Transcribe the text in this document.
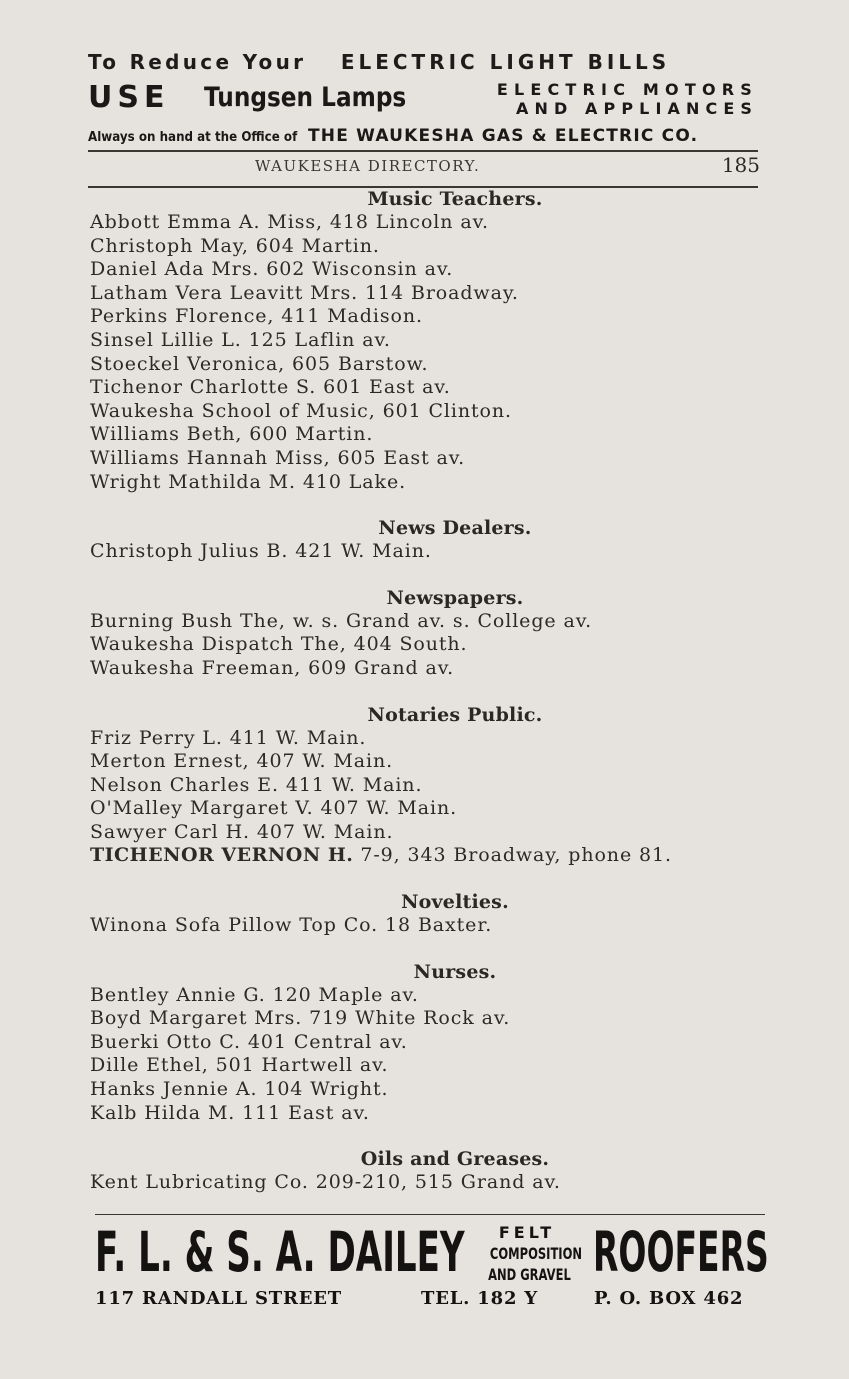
To Reduce Your ELECTRIC LIGHT BILLS
USE Tungsen Lamps	ELECTRIC MOTORS
AND APPLIANCES
Always on hand at the Office of THE WAUKESHA GAS & ELECTRIC CO.
WAUKESHA DIRECTORY.	185
Music Teachers.
Abbott Emma A. Miss, 418 Lincoln av.
Christoph May, 604 Martin.
Daniel Ada Mrs. 602 Wisconsin av.
Latham Vera Leavitt Mrs. 114 Broadway.
Perkins Florence, 411 Madison.
Sinsel Lillie L. 125 Laflin av.
Stoeckel Veronica, 605 Barstow.
Tichenor Charlotte S. 601 East av.
Waukesha School of Music, 601 Clinton.
Williams Beth, 600 Martin.
Williams Hannah Miss, 605 East av.
Wright Mathilda M. 410 Lake.
News Dealers.
Christoph Julius B. 421 W. Main.
Newspapers.
Burning Bush The, w. s. Grand av. s. College av.
Waukesha Dispatch The, 404 South.
Waukesha Freeman, 609 Grand av.
Notaries Public.
Friz Perry L. 411 W. Main.
Merton Ernest, 407 W. Main.
Nelson Charles E. 411 W. Main.
O'Malley Margaret V. 407 W. Main.
Sawyer Carl H. 407 W. Main.
TICHENOR VERNON H. 7-9, 343 Broadway, phone 81.
Novelties.
Winona Sofa Pillow Top Co. 18 Baxter.
Nurses.
Bentley Annie G. 120 Maple av.
Boyd Margaret Mrs. 719 White Rock av.
Buerki Otto C. 401 Central av.
Dille Ethel, 501 Hartwell av.
Hanks Jennie A. 104 Wright.
Kalb Hilda M. 111 East av.
Oils and Greases.
Kent Lubricating Co. 209-210, 515 Grand av.
F. L. & S. A. DAILEY	FELT
COMPOSITION
AND GRAVEL ROOFERS
117 RANDALL STREET	TEL. 182 Y	P. O. BOX 462
